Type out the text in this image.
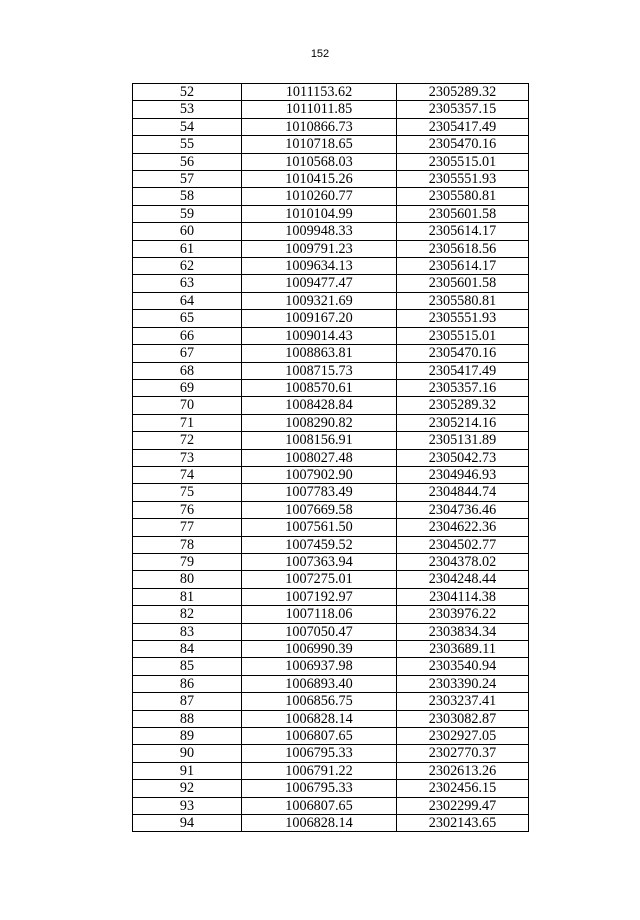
152
52	1011153.62	2305289.32
53	1011011.85	2305357.15
54	1010866.73	2305417.49
55	1010718.65	2305470.16
56	1010568.03	2305515.01
57	1010415.26	2305551.93
58	1010260.77	2305580.81
59	1010104.99	2305601.58
60	1009948.33	2305614.17
61	1009791.23	2305618.56
62	1009634.13	2305614.17
63	1009477.47	2305601.58
64	1009321.69	2305580.81
65	1009167.20	2305551.93
66	1009014.43	2305515.01
67	1008863.81	2305470.16
68	1008715.73	2305417.49
69	1008570.61	2305357.16
70	1008428.84	2305289.32
71	1008290.82	2305214.16
72	1008156.91	2305131.89
73	1008027.48	2305042.73
74	1007902.90	2304946.93
75	1007783.49	2304844.74
76	1007669.58	2304736.46
77	1007561.50	2304622.36
78	1007459.52	2304502.77
79	1007363.94	2304378.02
80	1007275.01	2304248.44
81	1007192.97	2304114.38
82	1007118.06	2303976.22
83	1007050.47	2303834.34
84	1006990.39	2303689.11
85	1006937.98	2303540.94
86	1006893.40	2303390.24
87	1006856.75	2303237.41
88	1006828.14	2303082.87
89	1006807.65	2302927.05
90	1006795.33	2302770.37
91	1006791.22	2302613.26
92	1006795.33	2302456.15
93	1006807.65	2302299.47
94	1006828.14	2302143.65
